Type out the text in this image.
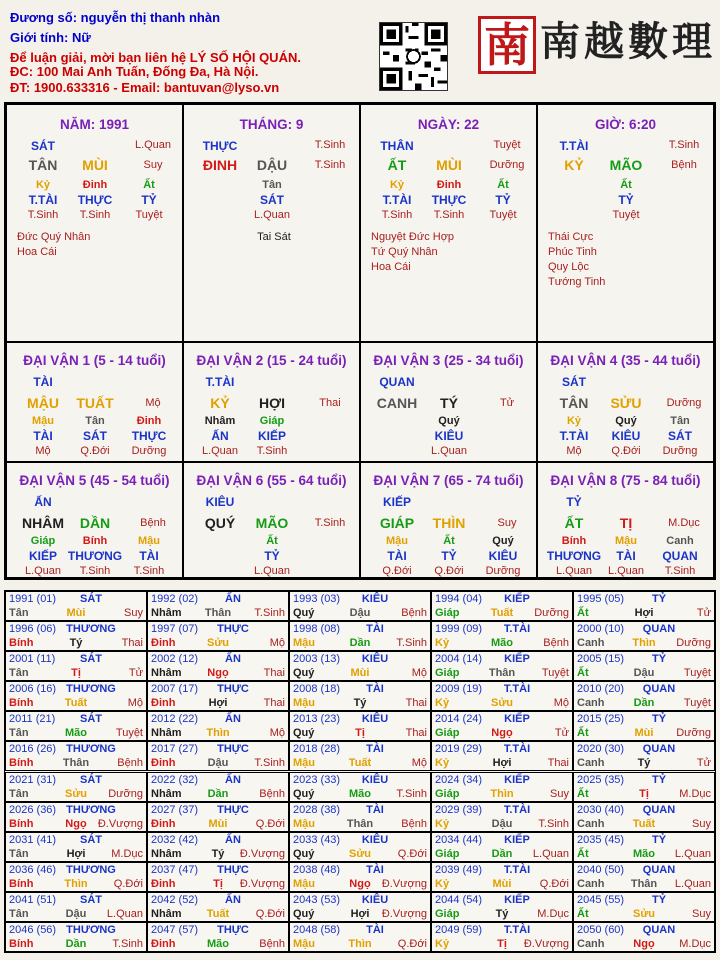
Đương số: nguyễn thị thanh nhàn
Giới tính: Nữ
Để luận giải, mời bạn liên hệ LÝ SỐ HỘI QUÁN.
ĐC: 100 Mai Anh Tuấn, Đống Đa, Hà Nội.
ĐT: 1900.633316 - Email: bantuvan@lyso.vn
南 南越數理
NĂM: 1991
SÁT	L.Quan
TÂN MÙI	Suy
Kỷ
T.TÀI
T.Sinh
Đinh
THỰC
T.Sinh
Ất
TỶ
Tuyệt
Đức Quý Nhân
Hoa Cái
THÁNG: 9
THỰC	T.Sinh
ĐINH DẬU	T.Sinh
Tân
SÁT
L.Quan
Tai Sát
NGÀY: 22
THÂN	Tuyệt
ẤT MÙI	Dưỡng
Kỷ
T.TÀI
T.Sinh
Đinh
THỰC
T.Sinh
Ất
TỶ
Tuyệt
Nguyệt Đức Hợp
Tứ Quý Nhân
Hoa Cái
GIỜ: 6:20
T.TÀI	T.Sinh
KỶ MÃO	Bệnh
Ất
TỶ
Tuyệt
Thái Cực
Phúc Tinh
Quy Lộc
Tướng Tinh
ĐẠI VẬN 1 (5 - 14 tuổi)
TÀI
MẬU TUẤT	Mộ
Mậu
TÀI
Mộ
Tân
SÁT
Q.Đới
Đinh
THỰC
Dưỡng
ĐẠI VẬN 2 (15 - 24 tuổi)
T.TÀI
KỶ HỢI	Thai
Nhâm
ẤN
L.Quan
Giáp
KIẾP
T.Sinh
ĐẠI VẬN 3 (25 - 34 tuổi)
QUAN
CANH TÝ	Tử
Quý
KIÊU
L.Quan
ĐẠI VẬN 4 (35 - 44 tuổi)
SÁT
TÂN SỬU Dưỡng
Kỷ
T.TÀI
Mộ
Quý
KIÊU
Q.Đới
Tân
SÁT
Dưỡng
ĐẠI VẬN 5 (45 - 54 tuổi)
ẤN
NHÂM DẦN	Bệnh
Giáp
KIẾP
L.Quan
Bính
THƯƠNG
T.Sinh
Mậu
TÀI
T.Sinh
ĐẠI VẬN 6 (55 - 64 tuổi)
KIÊU
QUÝ MÃO T.Sinh
Ất
TỶ
L.Quan
ĐẠI VẬN 7 (65 - 74 tuổi)
KIẾP
GIÁP THÌN	Suy
Mậu
TÀI
Q.Đới
Ất
TỶ
Q.Đới
Quý
KIÊU
Dưỡng
ĐẠI VẬN 8 (75 - 84 tuổi)
TỶ
ẤT	TỊ	M.Dục
Bính
THƯƠNG
L.Quan
Mậu
TÀI
L.Quan
Canh
QUAN
T.Sinh
1991 (01)	SÁT
Tân	Mùi	Suy
1992 (02)	ẤN
Nhâm	Thân	T.Sinh
1993 (03)	KIÊU
Quý	Dậu	Bệnh
1994 (04)	KIẾP
Giáp	Tuất	Dưỡng
1995 (05)	TỶ
Ất	Hợi	Tử
1996 (06) THƯƠNG
Bính	Tý	Thai
1997 (07)	THỰC
Đinh	Sửu	Mộ
1998 (08)	TÀI
Mậu	Dần	T.Sinh
1999 (09)	T.TÀI
Kỷ	Mão	Bệnh
2000 (10)	QUAN
Canh	Thìn	Dưỡng
2001 (11)	SÁT
Tân	Tị	Tử
2002 (12)	ẤN
Nhâm	Ngọ	Thai
2003 (13)	KIÊU
Quý	Mùi	Mộ
2004 (14)	KIẾP
Giáp	Thân	Tuyệt
2005 (15)	TỶ
Ất	Dậu	Tuyệt
2006 (16) THƯƠNG
Bính	Tuất	Mộ
2007 (17)	THỰC
Đinh	Hợi	Thai
2008 (18)	TÀI
Mậu	Tý	Thai
2009 (19)	T.TÀI
Kỷ	Sửu	Mộ
2010 (20)	QUAN
Canh	Dần	Tuyệt
2011 (21)	SÁT
Tân	Mão	Tuyệt
2012 (22)	ẤN
Nhâm	Thìn	Mộ
2013 (23)	KIÊU
Quý	Tị	Thai
2014 (24)	KIẾP
Giáp	Ngọ	Tử
2015 (25)	TỶ
Ất	Mùi	Dưỡng
2016 (26) THƯƠNG
Bính	Thân	Bệnh
2017 (27)	THỰC
Đinh	Dậu	T.Sinh
2018 (28)	TÀI
Mậu	Tuất	Mộ
2019 (29)	T.TÀI
Kỷ	Hợi	Thai
2020 (30)	QUAN
Canh	Tý	Tử
2021 (31)	SÁT
Tân	Sửu	Dưỡng
2022 (32)	ẤN
Nhâm	Dần	Bệnh
2023 (33)	KIÊU
Quý	Mão	T.Sinh
2024 (34)	KIẾP
Giáp	Thìn	Suy
2025 (35)	TỶ
Ất	Tị	M.Dục
2026 (36) THƯƠNG
Bính	Ngọ	Đ.Vượng
2027 (37)	THỰC
Đinh	Mùi	Q.Đới
2028 (38)	TÀI
Mậu	Thân	Bệnh
2029 (39)	T.TÀI
Kỷ	Dậu	T.Sinh
2030 (40)	QUAN
Canh	Tuất	Suy
2031 (41)	SÁT
Tân	Hợi	M.Dục
2032 (42)	ẤN
Nhâm	Tý	Đ.Vượng
2033 (43)	KIÊU
Quý	Sửu	Q.Đới
2034 (44)	KIẾP
Giáp	Dần	L.Quan
2035 (45)	TỶ
Ất	Mão	L.Quan
2036 (46) THƯƠNG
Bính	Thìn	Q.Đới
2037 (47)	THỰC
Đinh	Tị	Đ.Vượng
2038 (48)	TÀI
Mậu	Ngọ	Đ.Vượng
2039 (49)	T.TÀI
Kỷ	Mùi	Q.Đới
2040 (50)	QUAN
Canh	Thân	L.Quan
2041 (51)	SÁT
Tân	Dậu	L.Quan
2042 (52)	ẤN
Nhâm	Tuất	Q.Đới
2043 (53)	KIÊU
Quý	Hợi	Đ.Vượng
2044 (54)	KIẾP
Giáp	Tý	M.Dục
2045 (55)	TỶ
Ất	Sửu	Suy
2046 (56) THƯƠNG
Bính	Dần	T.Sinh
2047 (57)	THỰC
Đinh	Mão	Bệnh
2048 (58)	TÀI
Mậu	Thìn	Q.Đới
2049 (59)	T.TÀI
Kỷ	Tị	Đ.Vượng
2050 (60)	QUAN
Canh	Ngọ	M.Dục
